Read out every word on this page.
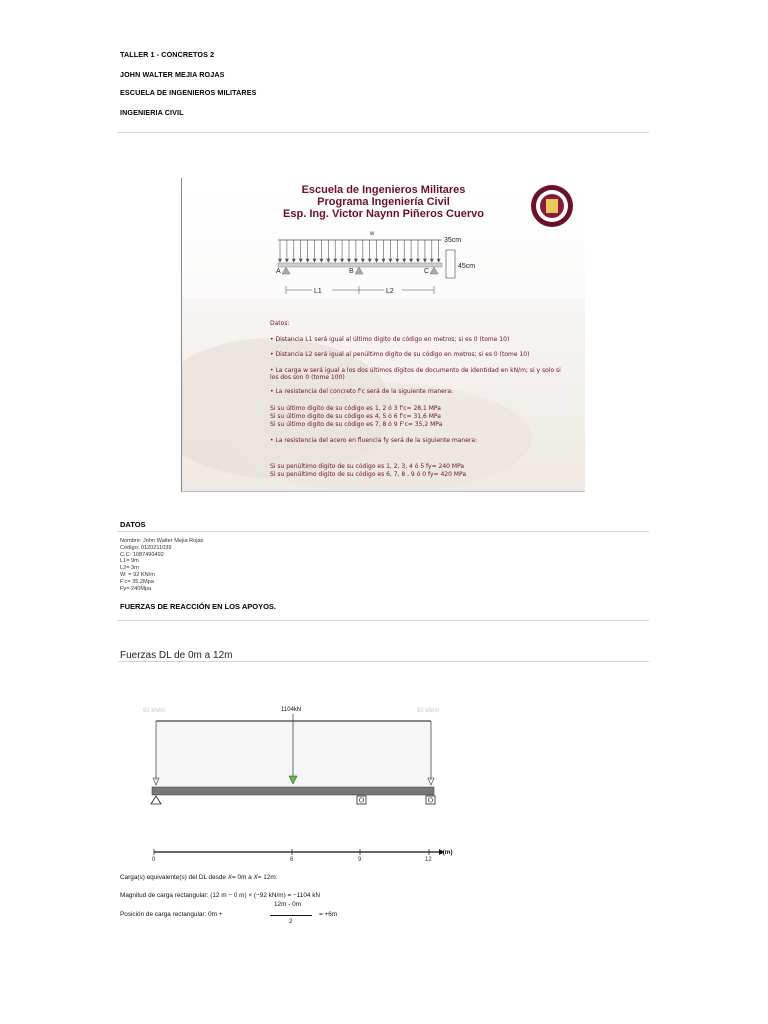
TALLER 1 - CONCRETOS 2
JOHN WALTER MEJIA ROJAS
ESCUELA DE INGENIEROS MILITARES
INGENIERIA CIVIL
Escuela de Ingenieros Militares
Programa Ingeniería Civil
Esp. Ing. Victor Naynn Piñeros Cuervo
w
35cm
45cm
A	B	C
L1	L2
Datos:
• Distancia L1 será igual al último digito de código en metros; si es 0 (tome 10)
• Distancia L2 será igual al penúltimo digito de su código en metros; si es 0 (tome 10)
• La carga w será igual a los dos últimos dígitos de documento de identidad en kN/m; si y solo si los dos son 0 (tome 100)
• La resistencia del concreto f'c será de la siguiente manera:
Si su último digito de su código es 1, 2 ó 3 f'c= 28,1 MPa
Si su último digito de su código es 4, 5 ó 6 f'c= 31,6 MPa
Si su último digito de su código es 7, 8 ó 9 F'c= 35,2 MPa
• La resistencia del acero en fluencia fy será de la siguiente manera:
Si su penúltimo digito de su código es 1, 2, 3, 4 ó 5 fy= 240 MPa
Si su penúltimo digito de su código es 6, 7, 8 , 9 ó 0 fy= 420 MPa
DATOS
Nombre: John Walter Mejia Rojas
Código: 0120211039
C.C: 1087490492
L1= 9m
L2= 3m
W: = 92 KN/m
F'c= 35.2Mpa
Fy= 240Mpa
FUERZAS DE REACCIÓN EN LOS APOYOS.
Fuerzas DL de 0m a 12m
92 kN/m	1104kN	92 kN/m
x(m)
0	6	9	12
Carga(s) equivalente(s) del DL desde X= 0m a X= 12m:
Magnitud de carga rectangular: (12 m − 0 m) × (−92 kN/m) = −1104 kN
12m - 0m
Posición de carga rectangular: 0m +
2
= +6m
